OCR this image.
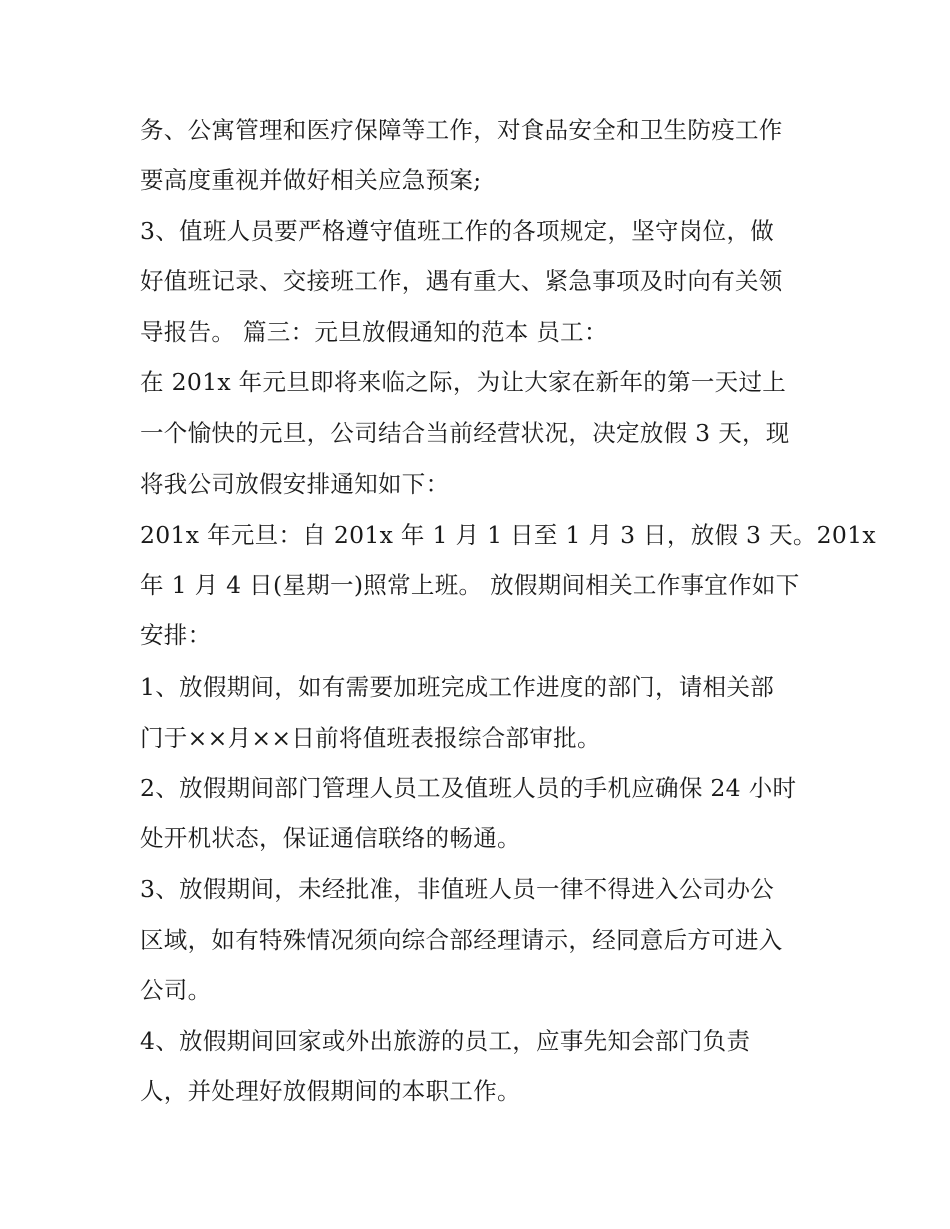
务、公寓管理和医疗保障等工作，对食品安全和卫生防疫工作
要高度重视并做好相关应急预案;
3、值班人员要严格遵守值班工作的各项规定，坚守岗位，做
好值班记录、交接班工作，遇有重大、紧急事项及时向有关领
导报告。 篇三：元旦放假通知的范本 员工：
在 201x 年元旦即将来临之际，为让大家在新年的第一天过上
一个愉快的元旦，公司结合当前经营状况，决定放假 3 天，现
将我公司放假安排通知如下：
201x 年元旦：自 201x 年 1 月 1 日至 1 月 3 日，放假 3 天。201x
年 1 月 4 日(星期一)照常上班。 放假期间相关工作事宜作如下
安排：
1、放假期间，如有需要加班完成工作进度的部门，请相关部
门于××月××日前将值班表报综合部审批。
2、放假期间部门管理人员工及值班人员的手机应确保 24 小时
处开机状态，保证通信联络的畅通。
3、放假期间，未经批准，非值班人员一律不得进入公司办公
区域，如有特殊情况须向综合部经理请示，经同意后方可进入
公司。
4、放假期间回家或外出旅游的员工，应事先知会部门负责
人，并处理好放假期间的本职工作。
